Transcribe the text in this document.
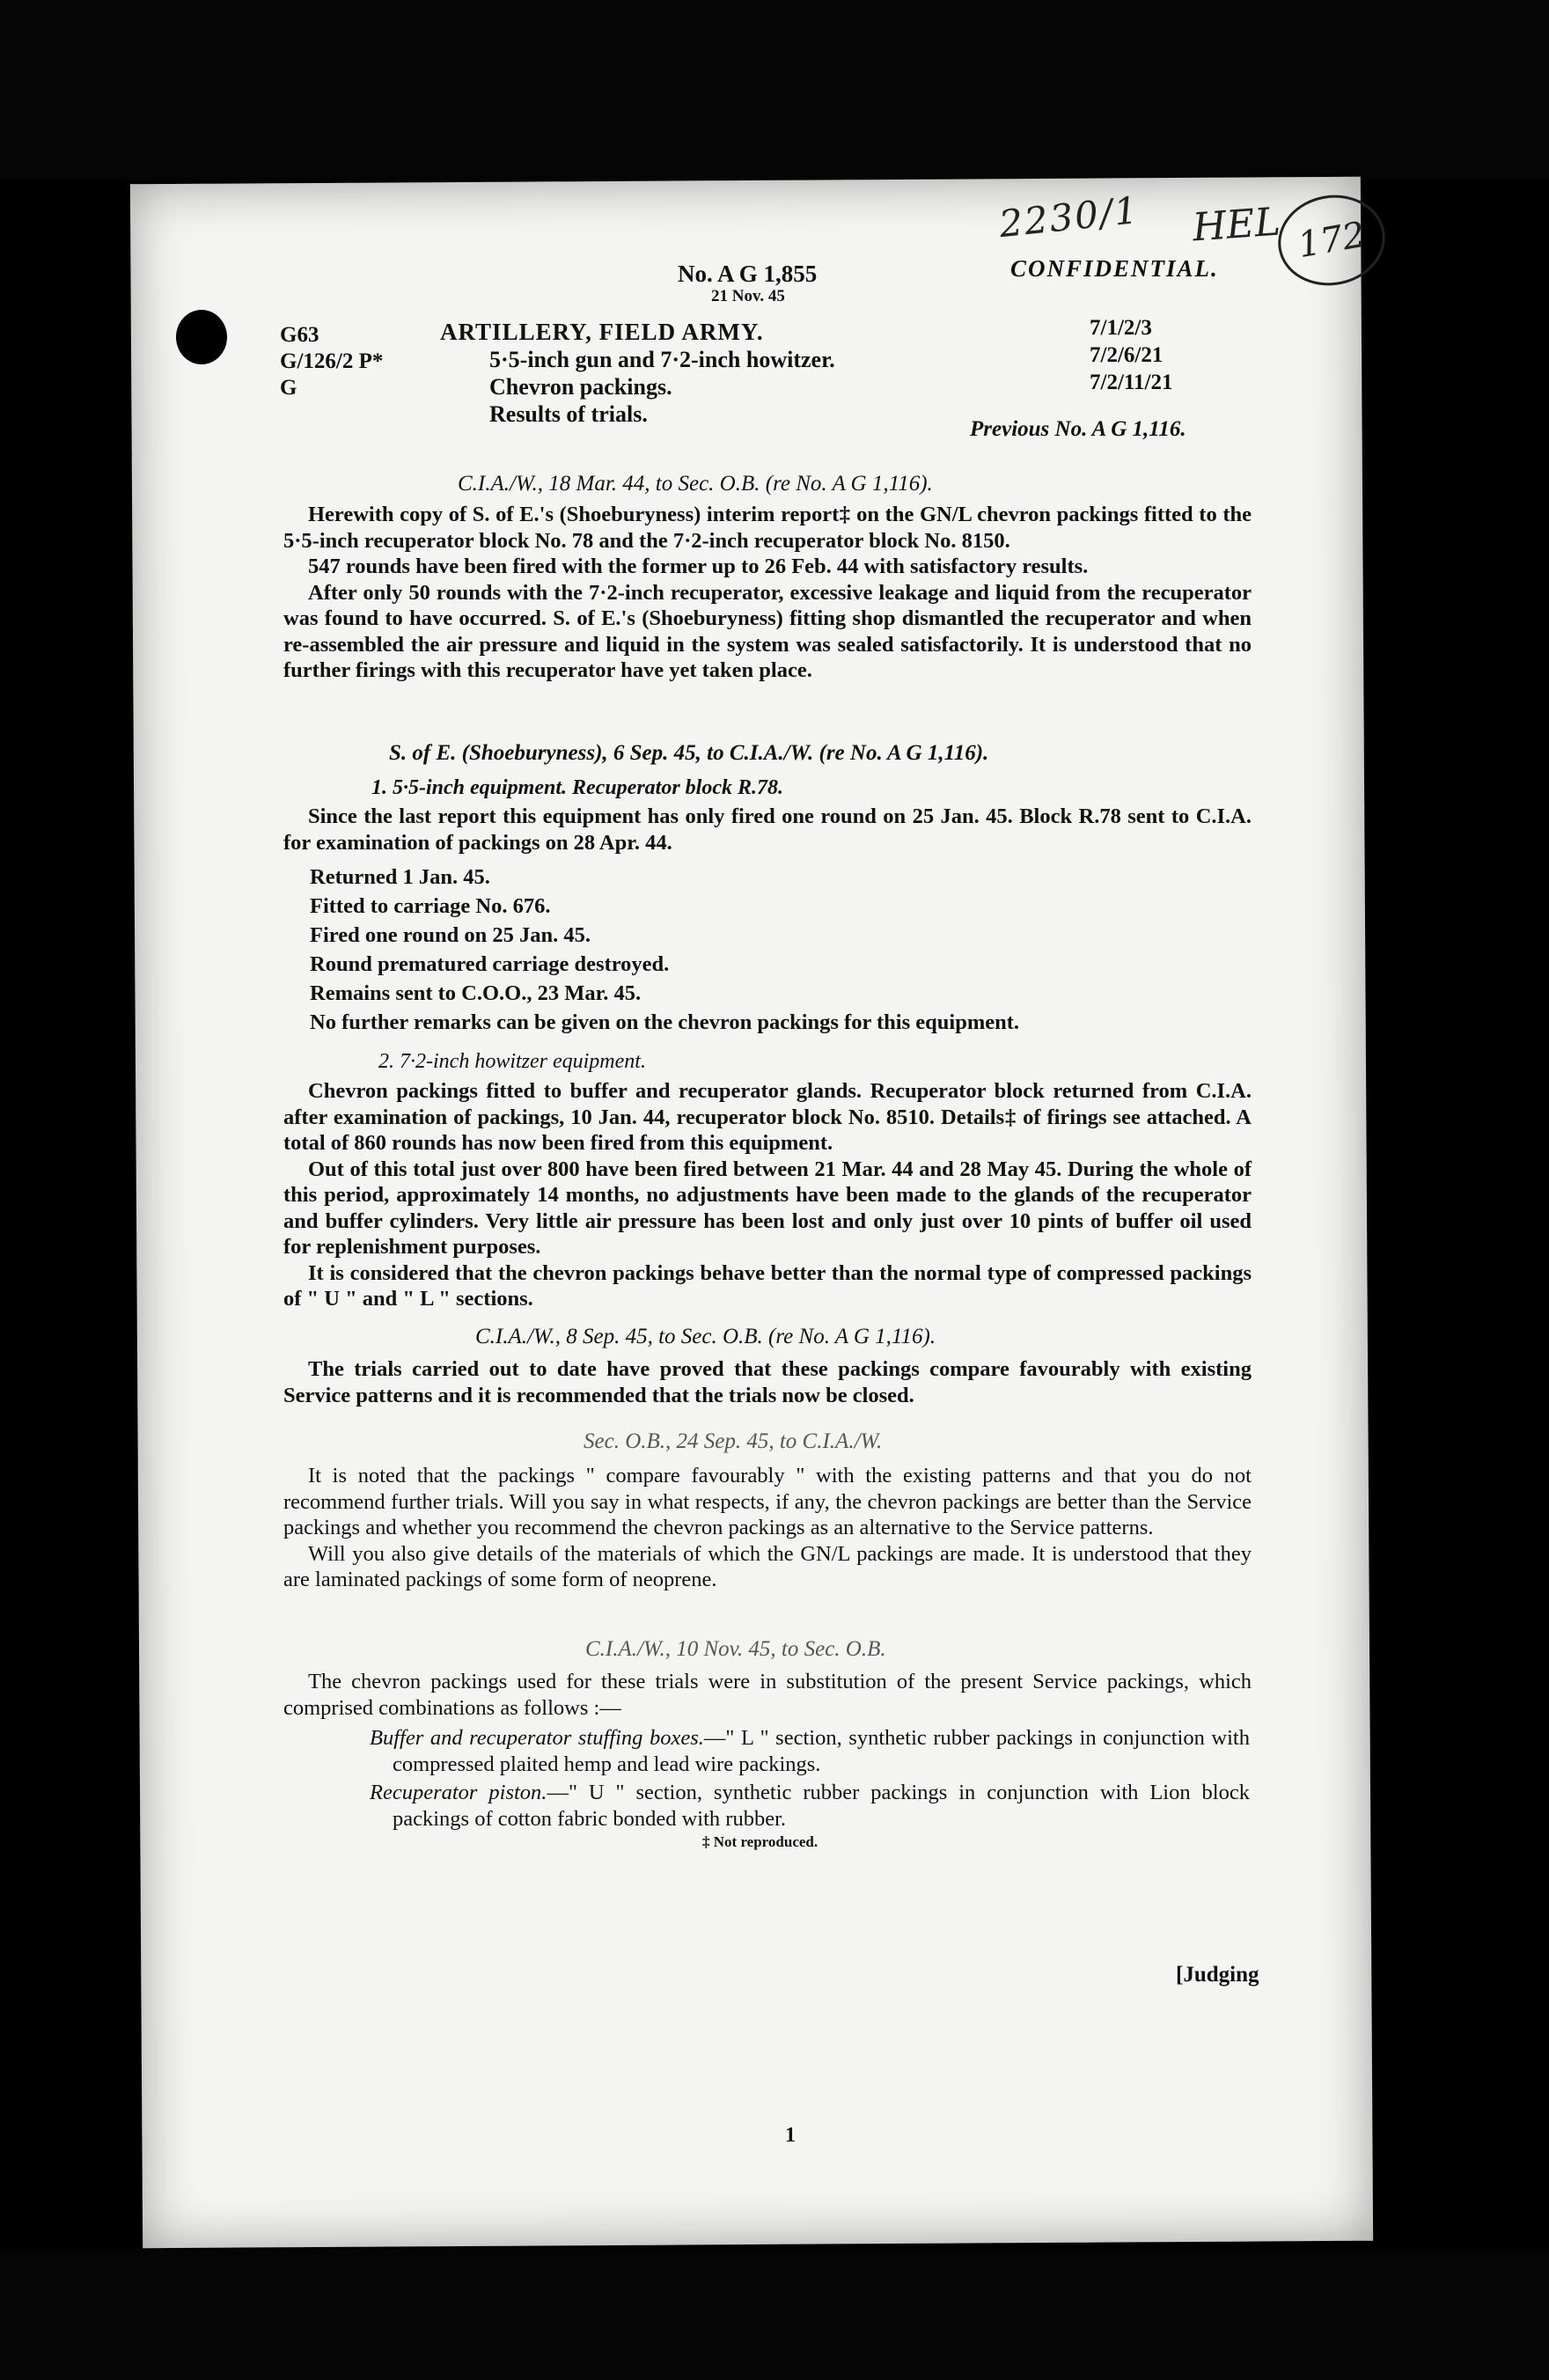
2230/1 HEL 172
No. A G 1,855
21 Nov. 45
CONFIDENTIAL.
G63
G/126/2 P*
G
ARTILLERY, FIELD ARMY.
5·5-inch gun and 7·2-inch howitzer.
Chevron packings.
Results of trials.
7/1/2/3
7/2/6/21
7/2/11/21
Previous No. A G 1,116.
C.I.A./W., 18 Mar. 44, to Sec. O.B. (re No. A G 1,116).

Herewith copy of S. of E.'s (Shoeburyness) interim report‡ on the GN/L chevron packings fitted to the 5·5-inch recuperator block No. 78 and the 7·2-inch recuperator block No. 8150.

547 rounds have been fired with the former up to 26 Feb. 44 with satisfactory results.

After only 50 rounds with the 7·2-inch recuperator, excessive leakage and liquid from the recuperator was found to have occurred. S. of E.'s (Shoeburyness) fitting shop dismantled the recuperator and when re-assembled the air pressure and liquid in the system was sealed satisfactorily. It is understood that no further firings with this recuperator have yet taken place.

S. of E. (Shoeburyness), 6 Sep. 45, to C.I.A./W. (re No. A G 1,116).
1. 5·5-inch equipment. Recuperator block R.78.

Since the last report this equipment has only fired one round on 25 Jan. 45. Block R.78 sent to C.I.A. for examination of packings on 28 Apr. 44.

Returned 1 Jan. 45.
Fitted to carriage No. 676.
Fired one round on 25 Jan. 45.
Round prematured carriage destroyed.
Remains sent to C.O.O., 23 Mar. 45.
No further remarks can be given on the chevron packings for this equipment.
2. 7·2-inch howitzer equipment.

Chevron packings fitted to buffer and recuperator glands. Recuperator block returned from C.I.A. after examination of packings, 10 Jan. 44, recuperator block No. 8510. Details‡ of firings see attached. A total of 860 rounds has now been fired from this equipment.

Out of this total just over 800 have been fired between 21 Mar. 44 and 28 May 45. During the whole of this period, approximately 14 months, no adjustments have been made to the glands of the recuperator and buffer cylinders. Very little air pressure has been lost and only just over 10 pints of buffer oil used for replenishment purposes.

It is considered that the chevron packings behave better than the normal type of compressed packings of " U " and " L " sections.

C.I.A./W., 8 Sep. 45, to Sec. O.B. (re No. A G 1,116).

The trials carried out to date have proved that these packings compare favourably with existing Service patterns and it is recommended that the trials now be closed.

Sec. O.B., 24 Sep. 45, to C.I.A./W.

It is noted that the packings " compare favourably " with the existing patterns and that you do not recommend further trials. Will you say in what respects, if any, the chevron packings are better than the Service packings and whether you recommend the chevron packings as an alternative to the Service patterns.

Will you also give details of the materials of which the GN/L packings are made. It is understood that they are laminated packings of some form of neoprene.

C.I.A./W., 10 Nov. 45, to Sec. O.B.

The chevron packings used for these trials were in substitution of the present Service packings, which comprised combinations as follows :—

Buffer and recuperator stuffing boxes.—" L " section, synthetic rubber packings in conjunction with compressed plaited hemp and lead wire packings.

Recuperator piston.—" U " section, synthetic rubber packings in conjunction with Lion block packings of cotton fabric bonded with rubber.

‡ Not reproduced.
[Judging
1
